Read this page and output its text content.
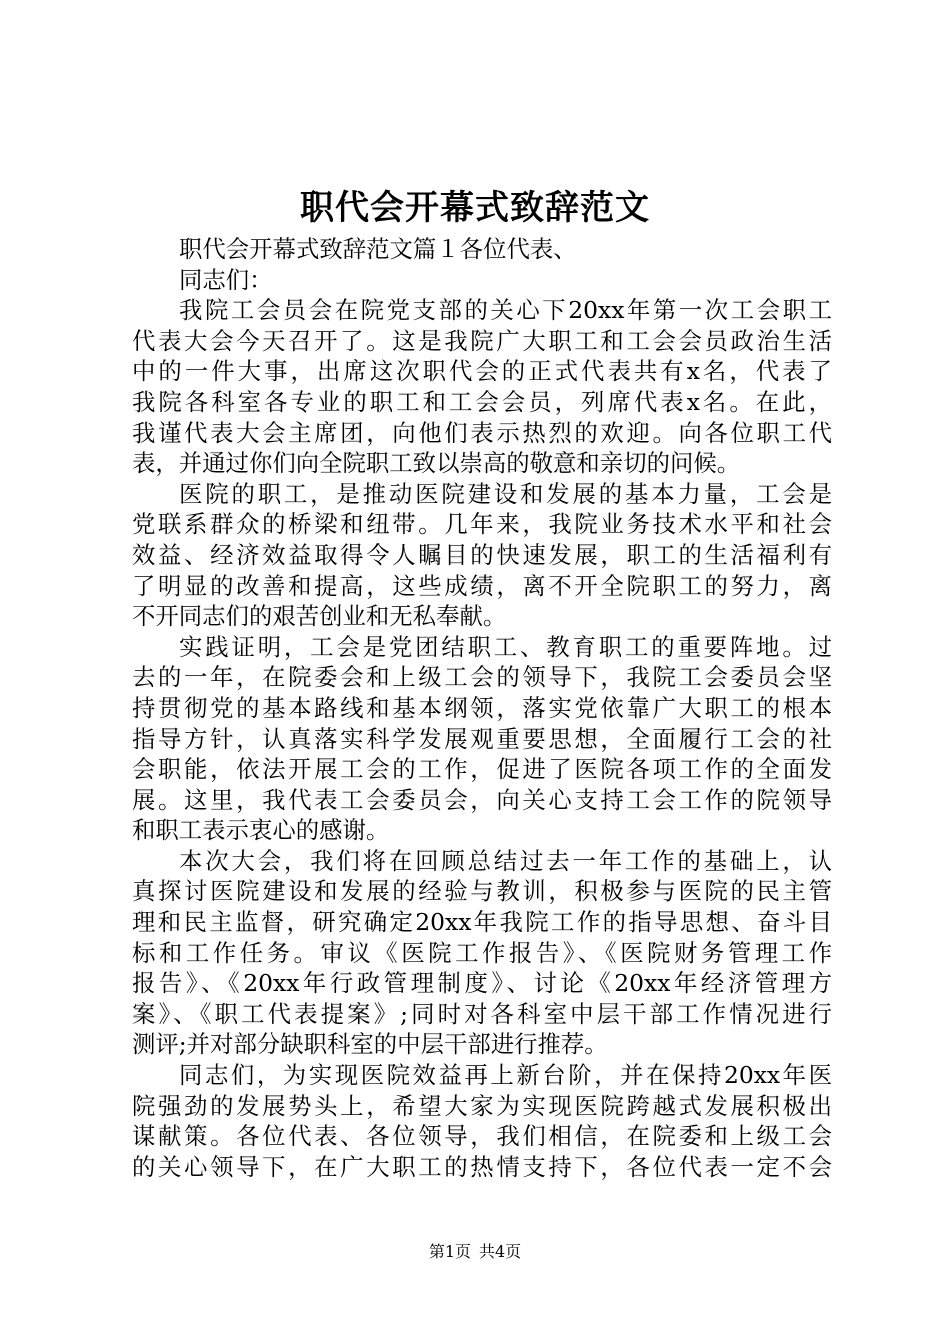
职代会开幕式致辞范文
职代会开幕式致辞范文篇１各位代表、
同志们：
我院工会员会在院党支部的关心下20xx年第一次工会职工
代表大会今天召开了。这是我院广大职工和工会会员政治生活
中的一件大事，出席这次职代会的正式代表共有x名，代表了
我院各科室各专业的职工和工会会员，列席代表x名。在此，
我谨代表大会主席团，向他们表示热烈的欢迎。向各位职工代
表，并通过你们向全院职工致以崇高的敬意和亲切的问候。
医院的职工，是推动医院建设和发展的基本力量，工会是
党联系群众的桥梁和纽带。几年来，我院业务技术水平和社会
效益、经济效益取得令人瞩目的快速发展，职工的生活福利有
了明显的改善和提高，这些成绩，离不开全院职工的努力，离
不开同志们的艰苦创业和无私奉献。
实践证明，工会是党团结职工、教育职工的重要阵地。过
去的一年，在院委会和上级工会的领导下，我院工会委员会坚
持贯彻党的基本路线和基本纲领，落实党依靠广大职工的根本
指导方针，认真落实科学发展观重要思想，全面履行工会的社
会职能，依法开展工会的工作，促进了医院各项工作的全面发
展。这里，我代表工会委员会，向关心支持工会工作的院领导
和职工表示衷心的感谢。
本次大会，我们将在回顾总结过去一年工作的基础上，认
真探讨医院建设和发展的经验与教训，积极参与医院的民主管
理和民主监督，研究确定20xx年我院工作的指导思想、奋斗目
标和工作任务。审议《医院工作报告》、《医院财务管理工作
报告》、《20xx年行政管理制度》、讨论《20xx年经济管理方
案》、《职工代表提案》;同时对各科室中层干部工作情况进行
测评;并对部分缺职科室的中层干部进行推荐。
同志们，为实现医院效益再上新台阶，并在保持20xx年医
院强劲的发展势头上，希望大家为实现医院跨越式发展积极出
谋献策。各位代表、各位领导，我们相信，在院委和上级工会
的关心领导下，在广大职工的热情支持下，各位代表一定不会
第1页 共4页
